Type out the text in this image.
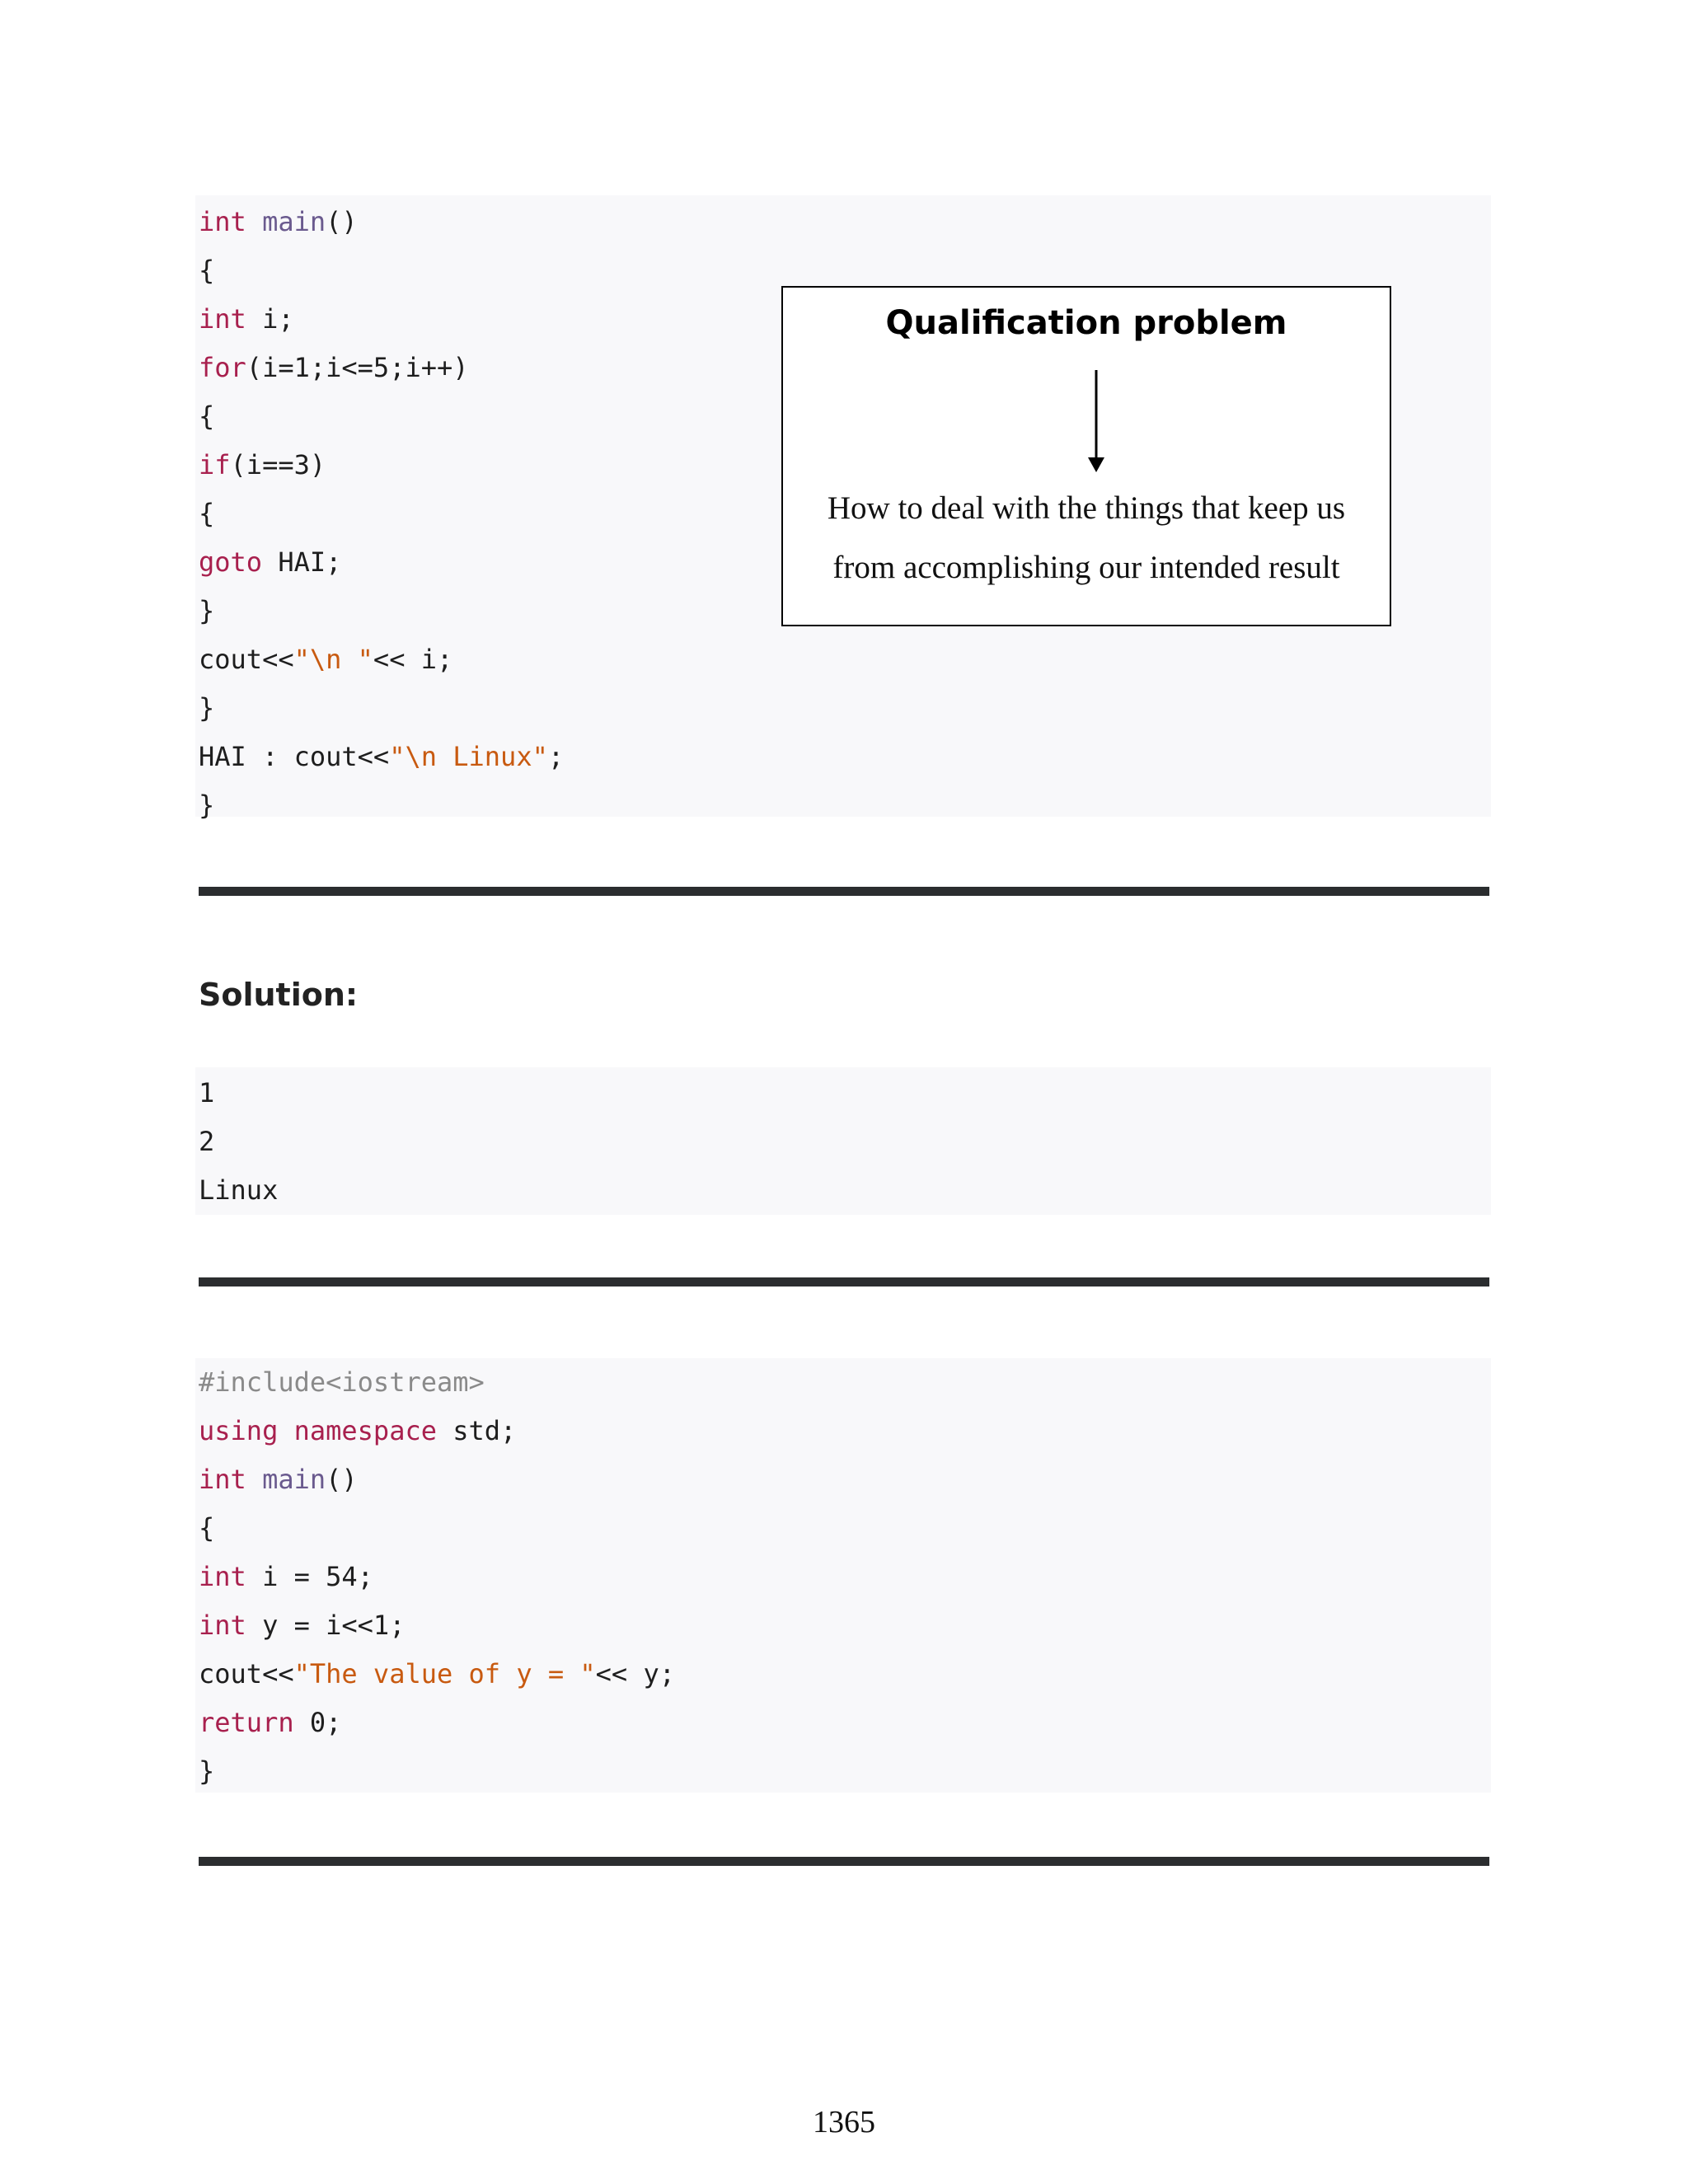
int main()
{
int i;
for(i=1;i<=5;i++)
{
if(i==3)
{
goto HAI;
}
cout<<"\n "<< i;
}
HAI : cout<<"\n Linux";
}
Qualification problem
How to deal with the things that keep us
from accomplishing our intended result
Solution:
1
2
Linux
#include<iostream>
using namespace std;
int main()
{
int i = 54;
int y = i<<1;
cout<<"The value of y = "<< y;
return 0;
}
1365
